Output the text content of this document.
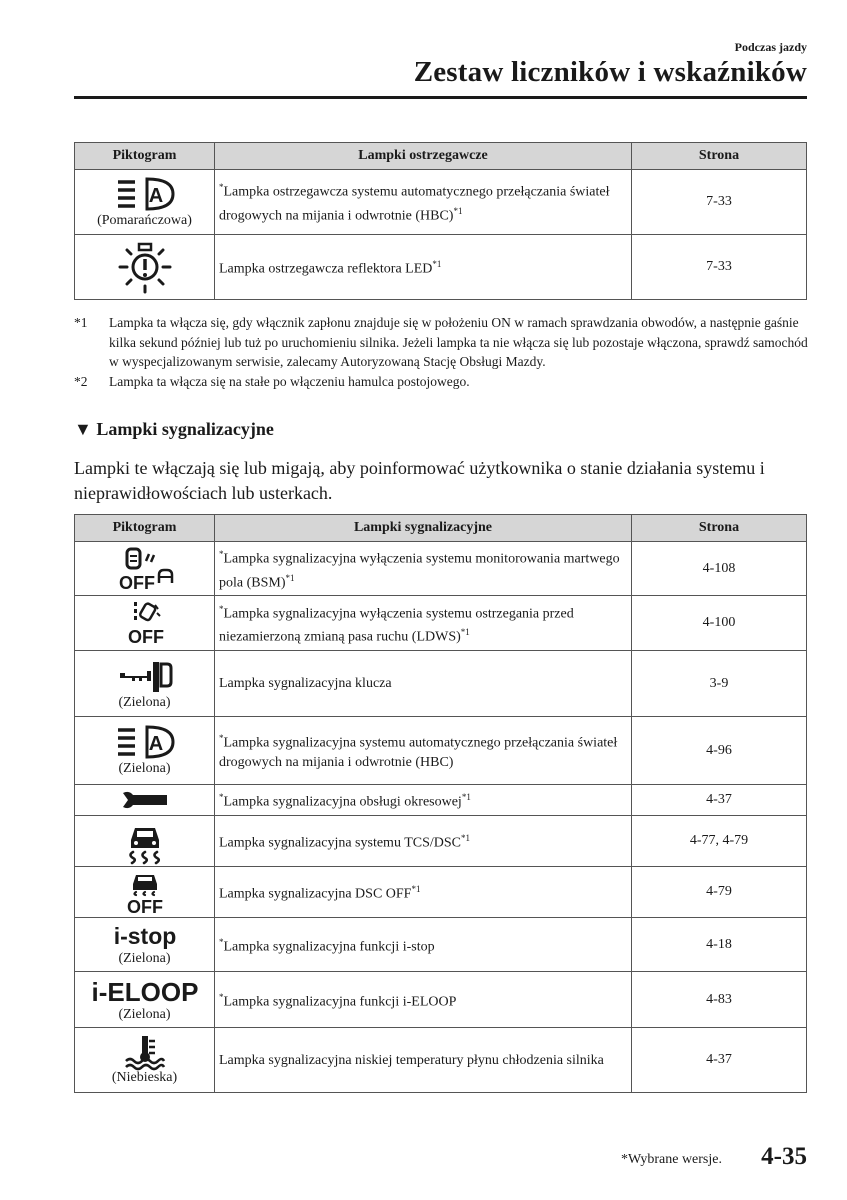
Podczas jazdy
Zestaw liczników i wskaźników
Piktogram	Lampki ostrzegawcze	Strona

A
(Pomarańczowa)	*Lampka ostrzegawcza systemu automatycznego przełączania świateł drogowych na mijania i odwrotnie (HBC)$^{*1}$	7-33

	Lampka ostrzegawcza reflektora LED$^{*1}$	7-33
*1 Lampka ta włącza się, gdy włącznik zapłonu znajduje się w położeniu ON w ramach sprawdzania obwodów, a następnie gaśnie kilka sekund później lub tuż po uruchomieniu silnika. Jeżeli lampka ta nie włącza się lub pozostaje włączona, sprawdź samochód w wyspecjalizowanym serwisie, zalecamy Autoryzowaną Stację Obsługi Mazdy.
*2 Lampka ta włącza się na stałe po włączeniu hamulca postojowego.
▼ Lampki sygnalizacyjne
Lampki te włączają się lub migają, aby poinformować użytkownika o stanie działania systemu i nieprawidłowościach lub usterkach.
Piktogram	Lampki sygnalizacyjne	Strona

OFF	*Lampka sygnalizacyjna wyłączenia systemu monitorowania martwego pola (BSM)$^{*1}$	4-108

OFF	*Lampka sygnalizacyjna wyłączenia systemu ostrzegania przed niezamierzoną zmianą pasa ruchu (LDWS)$^{*1}$	4-100

(Zielona)	Lampka sygnalizacyjna klucza	3-9

A
(Zielona)	*Lampka sygnalizacyjna systemu automatycznego przełączania świateł drogowych na mijania i odwrotnie (HBC)	4-96

	*Lampka sygnalizacyjna obsługi okresowej$^{*1}$	4-37

	Lampka sygnalizacyjna systemu TCS/DSC$^{*1}$	4-77, 4-79

OFF	Lampka sygnalizacyjna DSC OFF$^{*1}$	4-79

i-stop
(Zielona)	*Lampka sygnalizacyjna funkcji i-stop	4-18

i-ELOOP
(Zielona)	*Lampka sygnalizacyjna funkcji i-ELOOP	4-83

(Niebieska)	Lampka sygnalizacyjna niskiej temperatury płynu chłodzenia silnika	4-37
*Wybrane wersje. 4-35
